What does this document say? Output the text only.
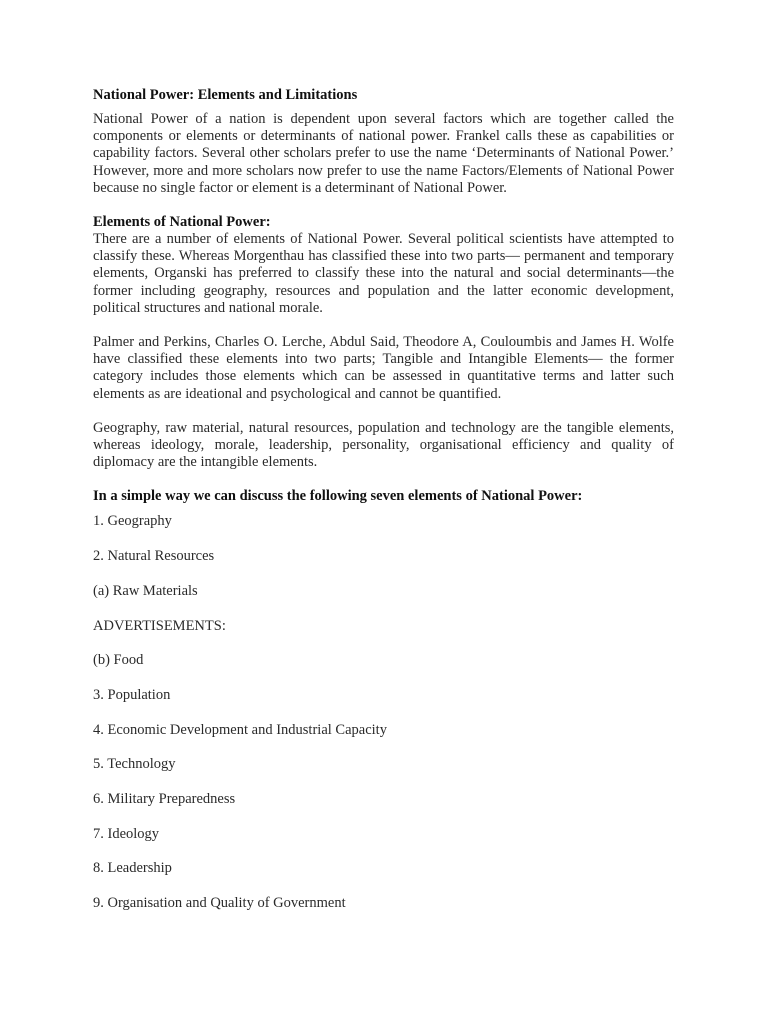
National Power: Elements and Limitations

National Power of a nation is dependent upon several factors which are together called the components or elements or determinants of national power. Frankel calls these as capabilities or capability factors. Several other scholars prefer to use the name ‘Determinants of National Power.’ However, more and more scholars now prefer to use the name Factors/Elements of National Power because no single factor or element is a determinant of National Power.

Elements of National Power:

There are a number of elements of National Power. Several political scientists have attempted to classify these. Whereas Morgenthau has classified these into two parts— permanent and temporary elements, Organski has preferred to classify these into the natural and social determinants—the former including geography, resources and population and the latter economic development, political structures and national morale.

Palmer and Perkins, Charles O. Lerche, Abdul Said, Theodore A, Couloumbis and James H. Wolfe have classified these elements into two parts; Tangible and Intangible Elements— the former category includes those elements which can be assessed in quantitative terms and latter such elements as are ideational and psychological and cannot be quantified.

Geography, raw material, natural resources, population and technology are the tangible elements, whereas ideology, morale, leadership, personality, organisational efficiency and quality of diplomacy are the intangible elements.

In a simple way we can discuss the following seven elements of National Power:

1. Geography
2. Natural Resources
(a) Raw Materials
ADVERTISEMENTS:
(b) Food
3. Population
4. Economic Development and Industrial Capacity
5. Technology
6. Military Preparedness
7. Ideology
8. Leadership
9. Organisation and Quality of Government
